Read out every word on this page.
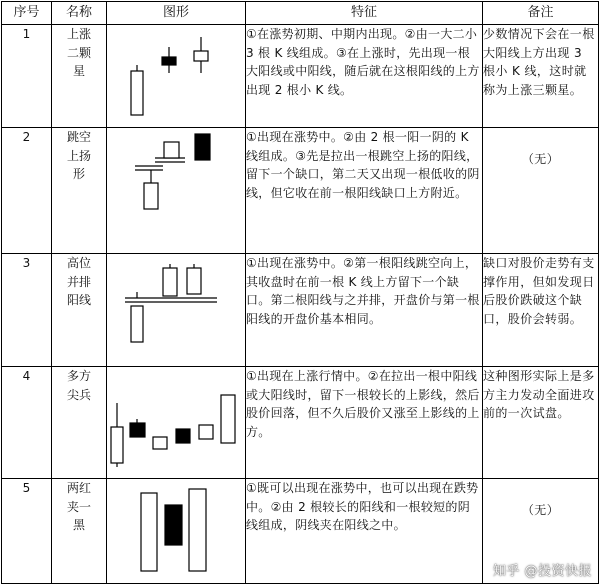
序号	名称	图形	特征	备注
1	上涨二颗星		①在涨势初期、中期内出现。②由一大二小 3 根 K 线组成。③在上涨时，先出现一根大阳线或中阳线，随后就在这根阳线的上方出现 2 根小 K 线。	少数情况下会在一根大阳线上方出现 3 根小 K 线，这时就称为上涨三颗星。
2	跳空上扬形		①出现在涨势中。②由 2 根一阳一阴的 K 线组成。③先是拉出一根跳空上扬的阳线，留下一个缺口，第二天又出现一根低收的阴线，但它收在前一根阳线缺口上方附近。	（无）
3	高位并排阳线		①出现在涨势中。②第一根阳线跳空向上，其收盘时在前一根 K 线上方留下一个缺口。第二根阳线与之并排，开盘价与第一根阳线的开盘价基本相同。	缺口对股价走势有支撑作用，但如发现日后股价跌破这个缺口，股价会转弱。
4	多方尖兵		①出现在上涨行情中。②在拉出一根中阳线或大阳线时，留下一根较长的上影线，然后股价回落，但不久后股价又涨至上影线的上方。	这种图形实际上是多方主力发动全面进攻前的一次试盘。
5	两红夹一黑		①既可以出现在涨势中，也可以出现在跌势中。②由 2 根较长的阳线和一根较短的阴线组成，阴线夹在阳线之中。	（无）
知乎 @投资快报
